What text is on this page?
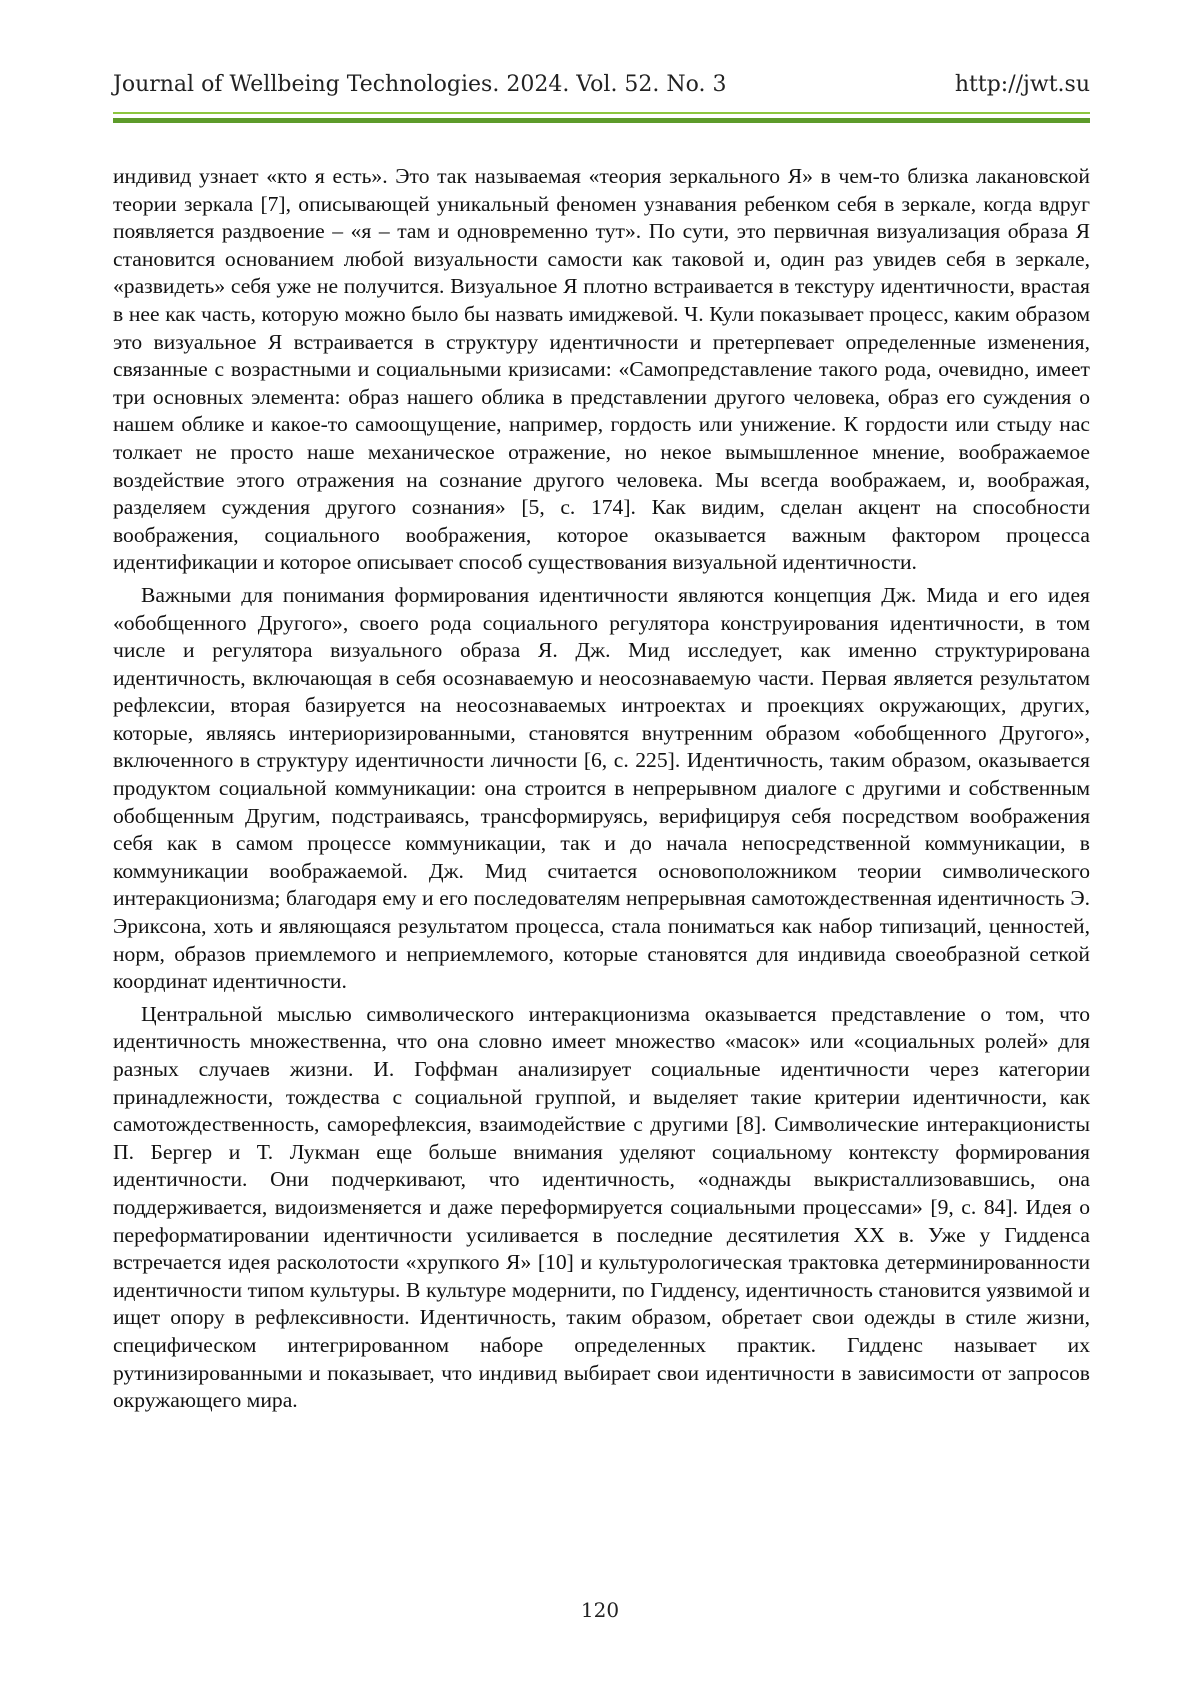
Journal of Wellbeing Technologies. 2024. Vol. 52. No. 3	http://jwt.su

индивид узнает «кто я есть». Это так называемая «теория зеркального Я» в чем-то близка лакановской теории зеркала [7], описывающей уникальный феномен узнавания ребенком себя в зеркале, когда вдруг появляется раздвоение – «я – там и одновременно тут». По сути, это первичная визуализация образа Я становится основанием любой визуальности самости как таковой и, один раз увидев себя в зеркале, «развидеть» себя уже не получится. Визуальное Я плотно встраивается в текстуру идентичности, врастая в нее как часть, которую можно было бы назвать имиджевой. Ч. Кули показывает процесс, каким образом это визуальное Я встраивается в структуру идентичности и претерпевает определенные изменения, связанные с возрастными и социальными кризисами: «Самопредставление такого рода, очевидно, имеет три основных элемента: образ нашего облика в представлении другого человека, образ его суждения о нашем облике и какое-то самоощущение, например, гордость или унижение. К гордости или стыду нас толкает не просто наше механическое отражение, но некое вымышленное мнение, воображаемое воздействие этого отражения на сознание другого человека. Мы всегда воображаем, и, воображая, разделяем суждения другого сознания» [5, с. 174]. Как видим, сделан акцент на способности воображения, социального воображения, которое оказывается важным фактором процесса идентификации и которое описывает способ существования визуальной идентичности.

Важными для понимания формирования идентичности являются концепция Дж. Мида и его идея «обобщенного Другого», своего рода социального регулятора конструирования идентичности, в том числе и регулятора визуального образа Я. Дж. Мид исследует, как именно структурирована идентичность, включающая в себя осознаваемую и неосознаваемую части. Первая является результатом рефлексии, вторая базируется на неосознаваемых интроектах и проекциях окружающих, других, которые, являясь интериоризированными, становятся внутренним образом «обобщенного Другого», включенного в структуру идентичности личности [6, с. 225]. Идентичность, таким образом, оказывается продуктом социальной коммуникации: она строится в непрерывном диалоге с другими и собственным обобщенным Другим, подстраиваясь, трансформируясь, верифицируя себя посредством воображения себя как в самом процессе коммуникации, так и до начала непосредственной коммуникации, в коммуникации воображаемой. Дж. Мид считается основоположником теории символического интеракционизма; благодаря ему и его последователям непрерывная самотождественная идентичность Э. Эриксона, хоть и являющаяся результатом процесса, стала пониматься как набор типизаций, ценностей, норм, образов приемлемого и неприемлемого, которые становятся для индивида своеобразной сеткой координат идентичности.

Центральной мыслью символического интеракционизма оказывается представление о том, что идентичность множественна, что она словно имеет множество «масок» или «социальных ролей» для разных случаев жизни. И. Гоффман анализирует социальные идентичности через категории принадлежности, тождества с социальной группой, и выделяет такие критерии идентичности, как самотождественность, саморефлексия, взаимодействие с другими [8]. Символические интеракционисты П. Бергер и Т. Лукман еще больше внимания уделяют социальному контексту формирования идентичности. Они подчеркивают, что идентичность, «однажды выкристаллизовавшись, она поддерживается, видоизменяется и даже переформируется социальными процессами» [9, с. 84]. Идея о переформатировании идентичности усиливается в последние десятилетия XX в. Уже у Гидденса встречается идея расколотости «хрупкого Я» [10] и культурологическая трактовка детерминированности идентичности типом культуры. В культуре модернити, по Гидденсу, идентичность становится уязвимой и ищет опору в рефлексивности. Идентичность, таким образом, обретает свои одежды в стиле жизни, специфическом интегрированном наборе определенных практик. Гидденс называет их рутинизированными и показывает, что индивид выбирает свои идентичности в зависимости от запросов окружающего мира.

120
